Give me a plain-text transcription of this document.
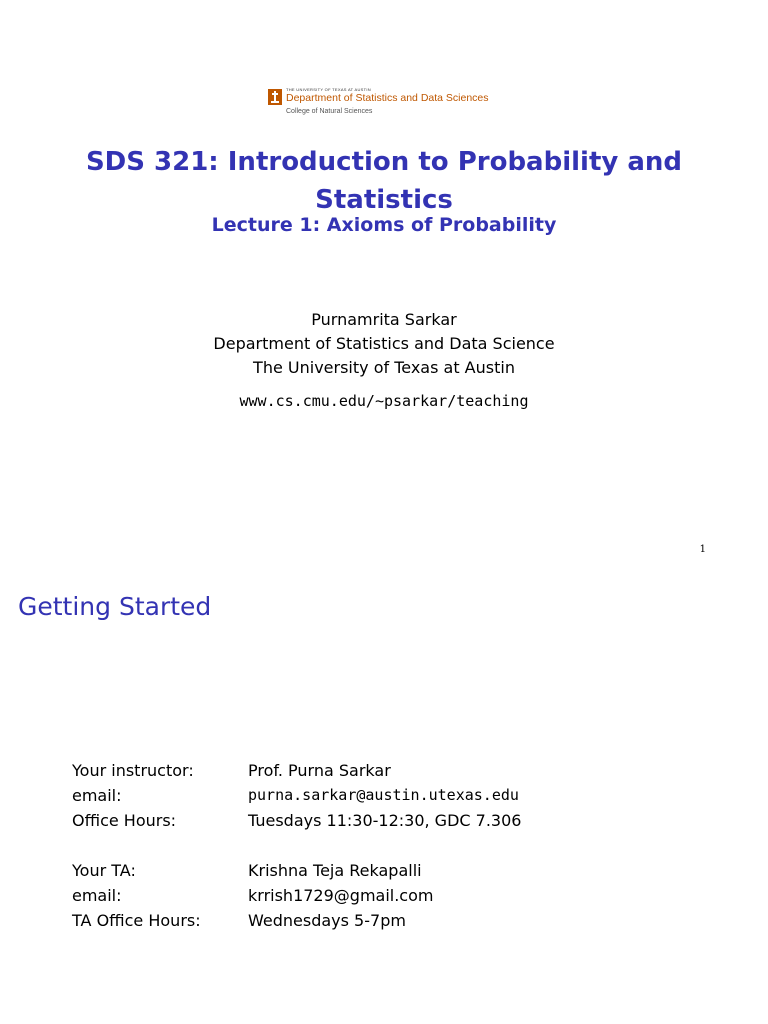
THE UNIVERSITY OF TEXAS AT AUSTIN
Department of Statistics and Data Sciences
College of Natural Sciences
SDS 321: Introduction to Probability and
Statistics
Lecture 1: Axioms of Probability
Purnamrita Sarkar
Department of Statistics and Data Science
The University of Texas at Austin
www.cs.cmu.edu/∼psarkar/teaching
1
Getting Started
Your instructor:	Prof. Purna Sarkar
email:	purna.sarkar@austin.utexas.edu
Office Hours:	Tuesdays 11:30-12:30, GDC 7.306
Your TA:	Krishna Teja Rekapalli
email:	krrish1729@gmail.com
TA Office Hours:	Wednesdays 5-7pm
